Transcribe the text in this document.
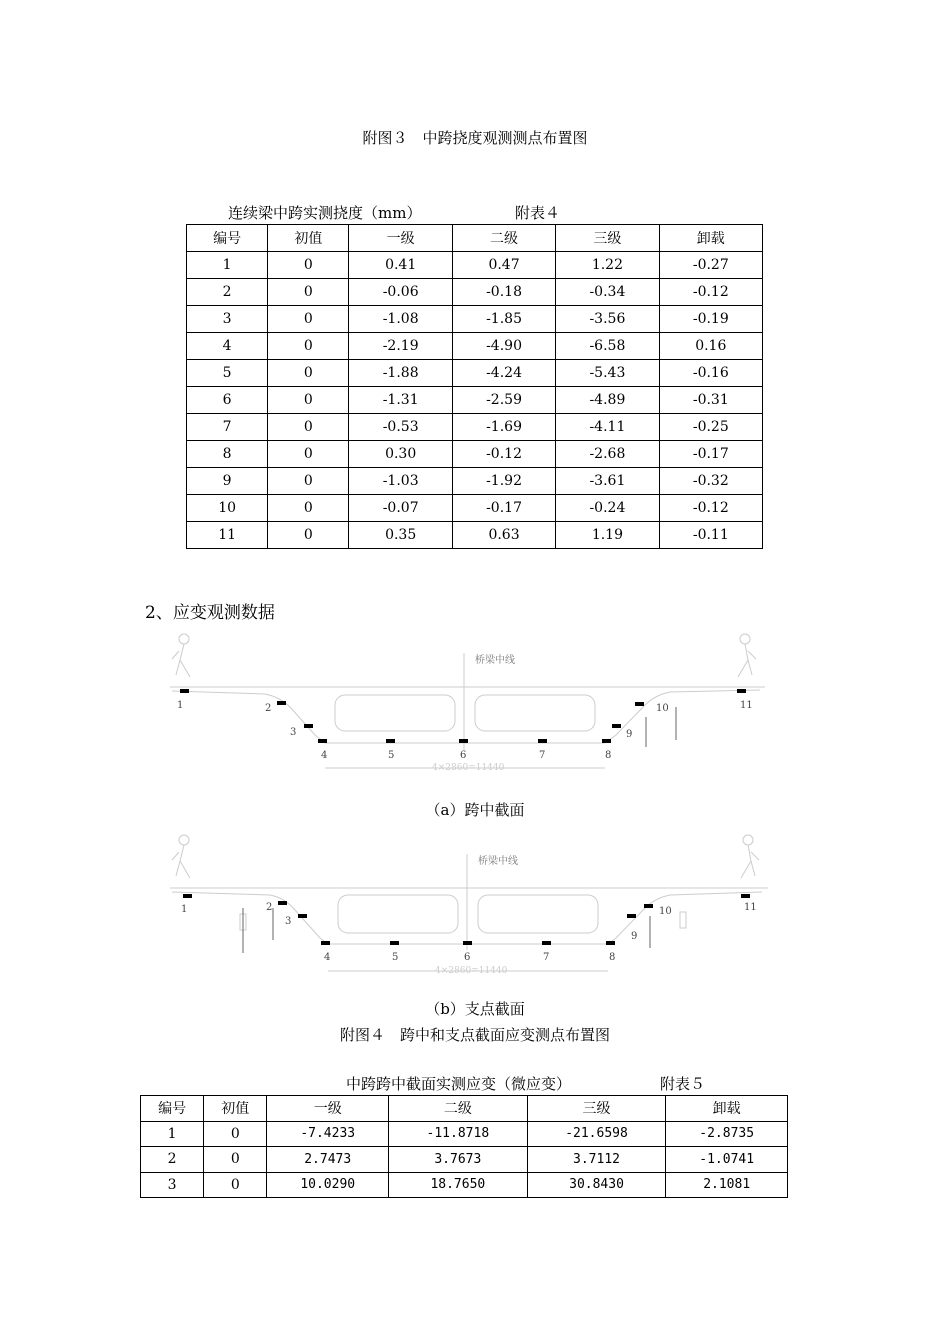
附图３　中跨挠度观测测点布置图
连续梁中跨实测挠度（mm）	附表４
编号	初值	一级	二级	三级	卸载
1	0	0.41	0.47	1.22	-0.27
2	0	-0.06	-0.18	-0.34	-0.12
3	0	-1.08	-1.85	-3.56	-0.19
4	0	-2.19	-4.90	-6.58	0.16
5	0	-1.88	-4.24	-5.43	-0.16
6	0	-1.31	-2.59	-4.89	-0.31
7	0	-0.53	-1.69	-4.11	-0.25
8	0	0.30	-0.12	-2.68	-0.17
9	0	-1.03	-1.92	-3.61	-0.32
10	0	-0.07	-0.17	-0.24	-0.12
11	0	0.35	0.63	1.19	-0.11
2、应变观测数据
桥梁中线
4×2860=11440
1	2
3
4	5	6	7	8
9
10	11
（a）跨中截面
桥梁中线
4×2860=11440
1	2
3
4	5	6	7	8
9
10	11
（b）支点截面
附图４　跨中和支点截面应变测点布置图
中跨跨中截面实测应变（微应变）	附表５
编号	初值	一级	二级	三级	卸载
1	0	-7.4233	-11.8718	-21.6598	-2.8735
2	0	2.7473	3.7673	3.7112	-1.0741
3	0	10.0290	18.7650	30.8430	2.1081
